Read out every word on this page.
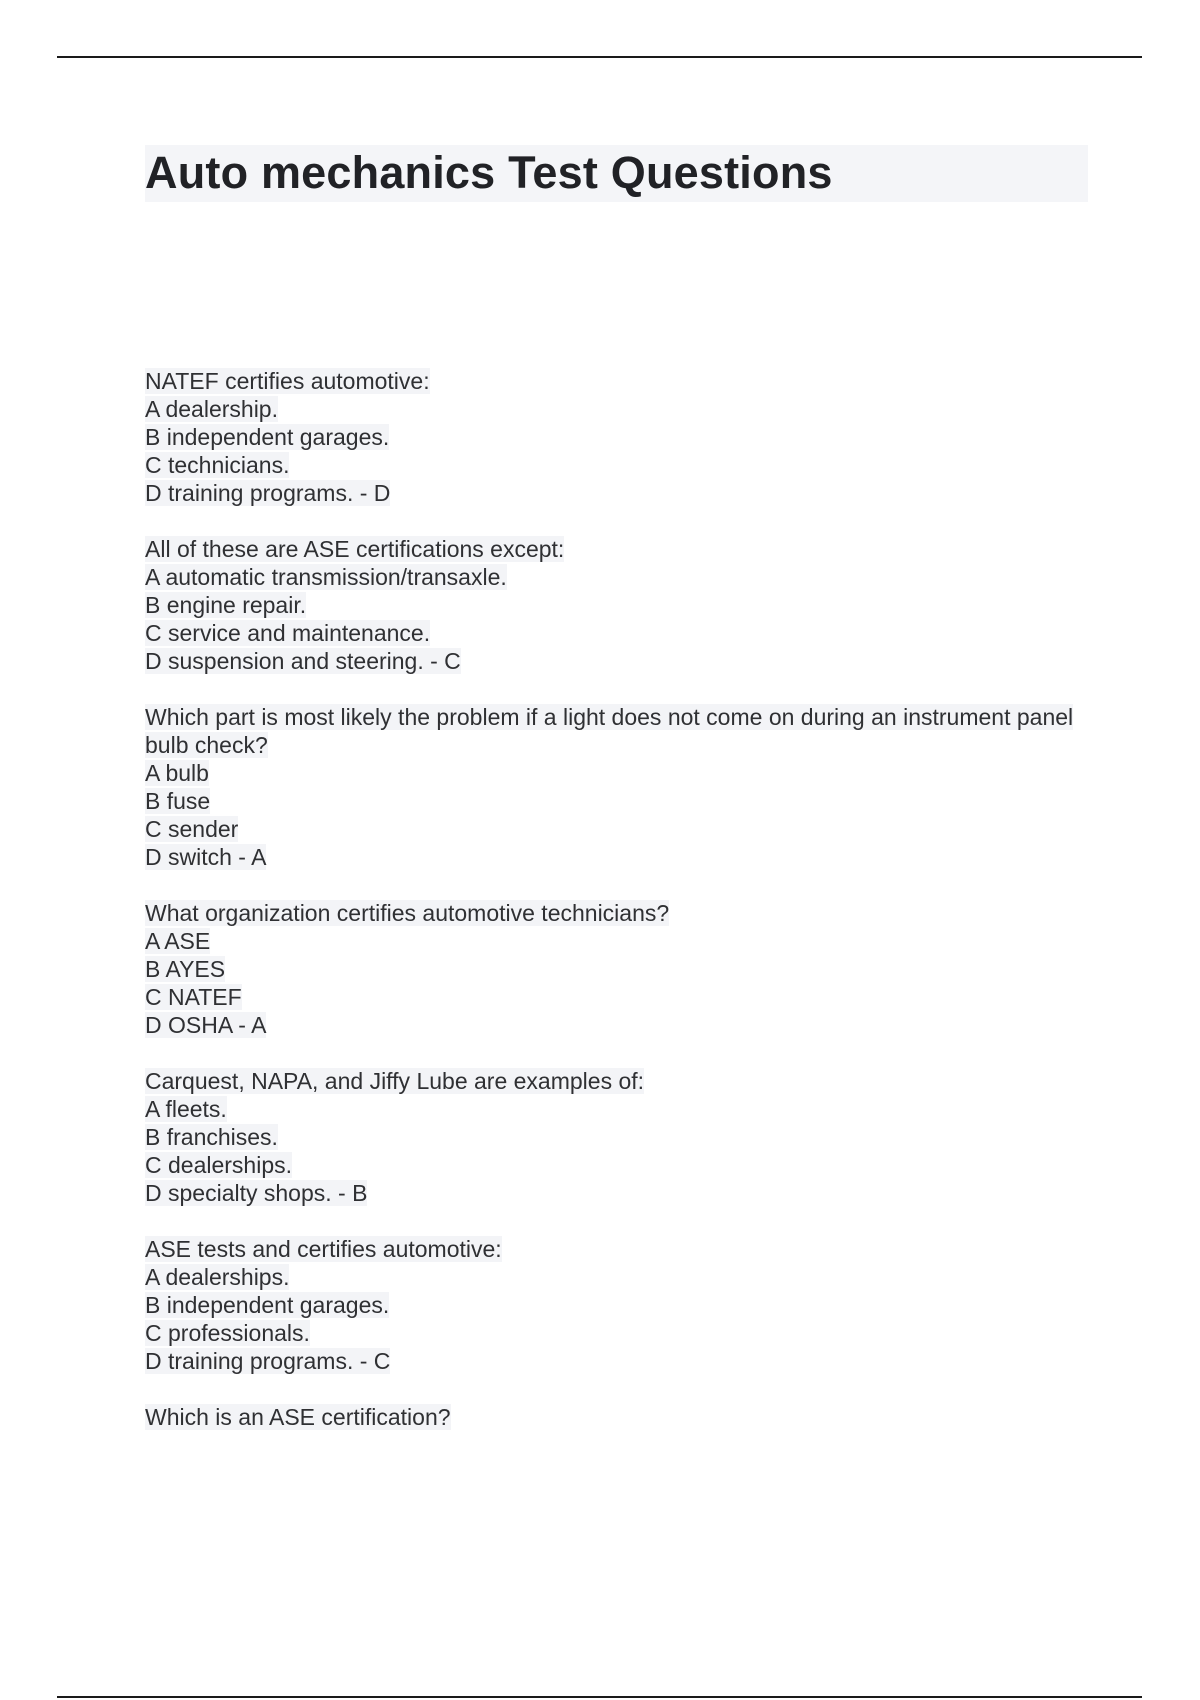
Auto mechanics Test Questions
NATEF certifies automotive:
A dealership.
B independent garages.
C technicians.
D training programs. - D
All of these are ASE certifications except:
A automatic transmission/transaxle.
B engine repair.
C service and maintenance.
D suspension and steering. - C
Which part is most likely the problem if a light does not come on during an instrument panel bulb check?
A bulb
B fuse
C sender
D switch - A
What organization certifies automotive technicians?
A ASE
B AYES
C NATEF
D OSHA - A
Carquest, NAPA, and Jiffy Lube are examples of:
A fleets.
B franchises.
C dealerships.
D specialty shops. - B
ASE tests and certifies automotive:
A dealerships.
B independent garages.
C professionals.
D training programs. - C
Which is an ASE certification?
